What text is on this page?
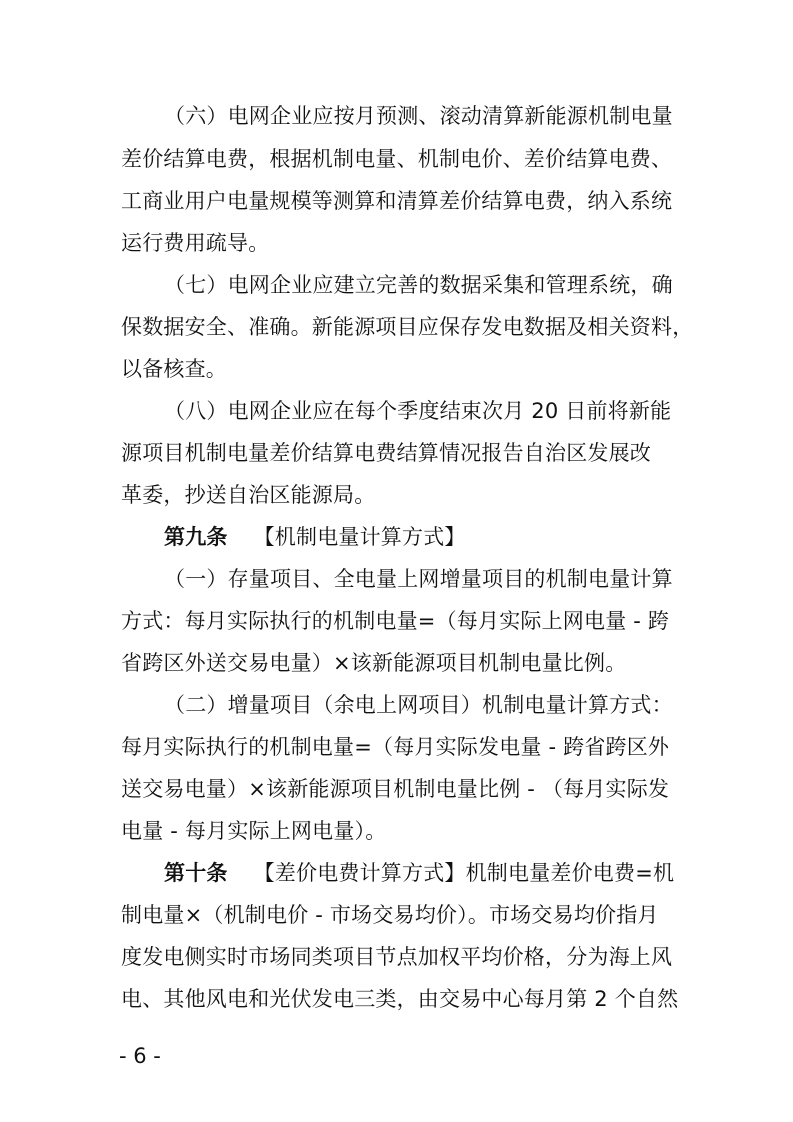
（六）电网企业应按月预测、滚动清算新能源机制电量
差价结算电费，根据机制电量、机制电价、差价结算电费、
工商业用户电量规模等测算和清算差价结算电费，纳入系统
运行费用疏导。
（七）电网企业应建立完善的数据采集和管理系统，确
保数据安全、准确。新能源项目应保存发电数据及相关资料，
以备核查。
（八）电网企业应在每个季度结束次月 20 日前将新能
源项目机制电量差价结算电费结算情况报告自治区发展改
革委，抄送自治区能源局。
第九条 【机制电量计算方式】
（一）存量项目、全电量上网增量项目的机制电量计算
方式：每月实际执行的机制电量=（每月实际上网电量 - 跨
省跨区外送交易电量）×该新能源项目机制电量比例。
（二）增量项目（余电上网项目）机制电量计算方式：
每月实际执行的机制电量=（每月实际发电量 - 跨省跨区外
送交易电量）×该新能源项目机制电量比例 - （每月实际发
电量 - 每月实际上网电量）。
第十条 【差价电费计算方式】机制电量差价电费=机
制电量×（机制电价 - 市场交易均价）。市场交易均价指月
度发电侧实时市场同类项目节点加权平均价格，分为海上风
电、其他风电和光伏发电三类，由交易中心每月第 2 个自然
- 6 -
